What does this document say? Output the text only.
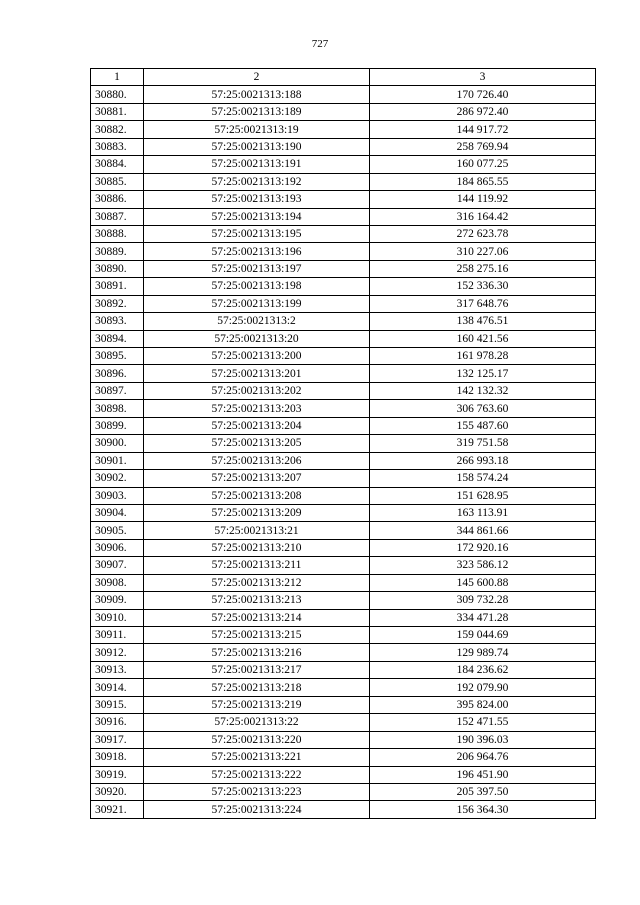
727
1	2	3
30880.	57:25:0021313:188	170 726.40
30881.	57:25:0021313:189	286 972.40
30882.	57:25:0021313:19	144 917.72
30883.	57:25:0021313:190	258 769.94
30884.	57:25:0021313:191	160 077.25
30885.	57:25:0021313:192	184 865.55
30886.	57:25:0021313:193	144 119.92
30887.	57:25:0021313:194	316 164.42
30888.	57:25:0021313:195	272 623.78
30889.	57:25:0021313:196	310 227.06
30890.	57:25:0021313:197	258 275.16
30891.	57:25:0021313:198	152 336.30
30892.	57:25:0021313:199	317 648.76
30893.	57:25:0021313:2	138 476.51
30894.	57:25:0021313:20	160 421.56
30895.	57:25:0021313:200	161 978.28
30896.	57:25:0021313:201	132 125.17
30897.	57:25:0021313:202	142 132.32
30898.	57:25:0021313:203	306 763.60
30899.	57:25:0021313:204	155 487.60
30900.	57:25:0021313:205	319 751.58
30901.	57:25:0021313:206	266 993.18
30902.	57:25:0021313:207	158 574.24
30903.	57:25:0021313:208	151 628.95
30904.	57:25:0021313:209	163 113.91
30905.	57:25:0021313:21	344 861.66
30906.	57:25:0021313:210	172 920.16
30907.	57:25:0021313:211	323 586.12
30908.	57:25:0021313:212	145 600.88
30909.	57:25:0021313:213	309 732.28
30910.	57:25:0021313:214	334 471.28
30911.	57:25:0021313:215	159 044.69
30912.	57:25:0021313:216	129 989.74
30913.	57:25:0021313:217	184 236.62
30914.	57:25:0021313:218	192 079.90
30915.	57:25:0021313:219	395 824.00
30916.	57:25:0021313:22	152 471.55
30917.	57:25:0021313:220	190 396.03
30918.	57:25:0021313:221	206 964.76
30919.	57:25:0021313:222	196 451.90
30920.	57:25:0021313:223	205 397.50
30921.	57:25:0021313:224	156 364.30
